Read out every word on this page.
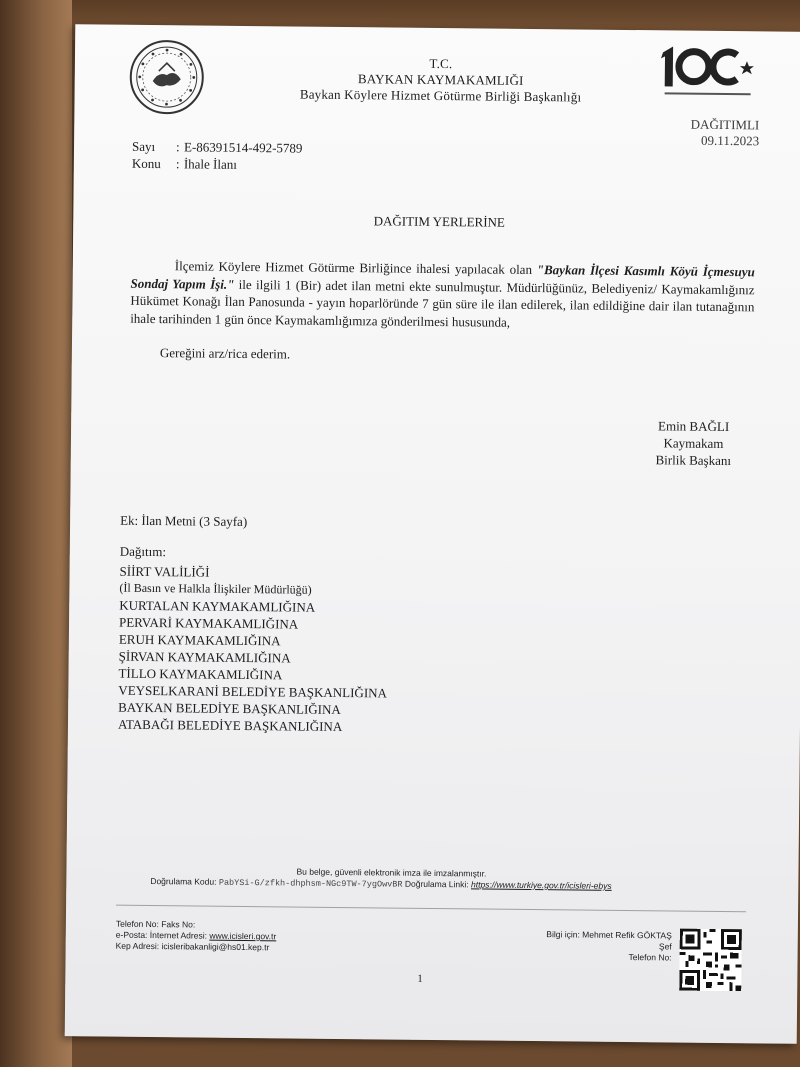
T.C.
BAYKAN KAYMAKAMLIĞI
Baykan Köylere Hizmet Götürme Birliği Başkanlığı
DAĞITIMLI
09.11.2023
Sayı : E-86391514-492-5789
Konu : İhale İlanı
DAĞITIM YERLERİNE

İlçemiz Köylere Hizmet Götürme Birliğince ihalesi yapılacak olan "Baykan İlçesi Kasımlı Köyü İçmesuyu Sondaj Yapım İşi." ile ilgili 1 (Bir) adet ilan metni ekte sunulmuştur. Müdürlüğünüz, Belediyeniz/ Kaymakamlığınız Hükümet Konağı İlan Panosunda - yayın hoparlöründe 7 gün süre ile ilan edilerek, ilan edildiğine dair ilan tutanağının ihale tarihinden 1 gün önce Kaymakamlığımıza gönderilmesi hususunda,

Gereğini arz/rica ederim.
Emin BAĞLI
Kaymakam
Birlik Başkanı
Ek: İlan Metni (3 Sayfa)
Dağıtım:
SİİRT VALİLİĞİ
(İl Basın ve Halkla İlişkiler Müdürlüğü)
KURTALAN KAYMAKAMLIĞINA
PERVARİ KAYMAKAMLIĞINA
ERUH KAYMAKAMLIĞINA
ŞİRVAN KAYMAKAMLIĞINA
TİLLO KAYMAKAMLIĞINA
VEYSELKARANİ BELEDİYE BAŞKANLIĞINA
BAYKAN BELEDİYE BAŞKANLIĞINA
ATABAĞI BELEDİYE BAŞKANLIĞINA
Bu belge, güvenli elektronik imza ile imzalanmıştır.
Doğrulama Kodu: PabYSi-G/zfkh-dhphsm-NGc9TW-7ygOwvBR Doğrulama Linki: https://www.turkiye.gov.tr/icisleri-ebys
Telefon No: Faks No:
e-Posta: İnternet Adresi: www.icisleri.gov.tr
Kep Adresi: icisleribakanligi@hs01.kep.tr
Bilgi için: Mehmet Refik GÖKTAŞ
Şef
Telefon No:
1
